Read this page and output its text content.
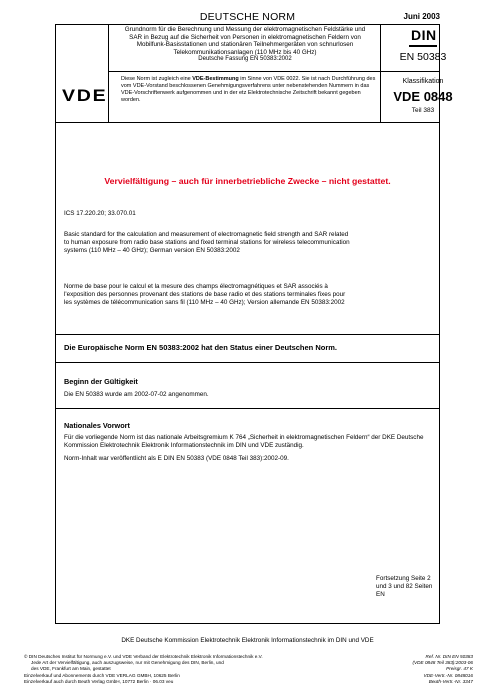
DEUTSCHE NORM	Juni 2003
Grundnorm für die Berechnung und Messung der elektromagnetischen Feldstärke und
SAR in Bezug auf die Sicherheit von Personen in elektromagnetischen Feldern von
Mobilfunk-Basisstationen und stationären Teilnehmergeräten von schnurlosen
Telekommunikationsanlagen (110 MHz bis 40 GHz)
Deutsche Fassung EN 50383:2002
DIN
EN 50383
VDE
Diese Norm ist zugleich eine VDE-Bestimmung im Sinne von VDE 0022. Sie ist nach Durchführung des vom VDE-Vorstand beschlossenen Genehmigungsverfahrens unter nebenstehenden Nummern in das VDE-Vorschriftenwerk aufgenommen und in der etz Elektrotechnische Zeitschrift bekannt gegeben worden.
Klassifikation
VDE 0848
Teil 383
Vervielfältigung – auch für innerbetriebliche Zwecke – nicht gestattet.
ICS 17.220.20; 33.070.01
Basic standard for the calculation and measurement of electromagnetic field strength and SAR related to human exposure from radio base stations and fixed terminal stations for wireless telecommunication systems (110 MHz – 40 GHz); German version EN 50383:2002
Norme de base pour le calcul et la mesure des champs électromagnétiques et SAR associés à l'exposition des personnes provenant des stations de base radio et des stations terminales fixes pour les systèmes de télécommunication sans fil (110 MHz – 40 GHz); Version allemande EN 50383:2002
Die Europäische Norm EN 50383:2002 hat den Status einer Deutschen Norm.
Beginn der Gültigkeit
Die EN 50383 wurde am 2002-07-02 angenommen.
Nationales Vorwort
Für die vorliegende Norm ist das nationale Arbeitsgremium K 764 „Sicherheit in elektromagnetischen Feldern“ der DKE Deutsche Kommission Elektrotechnik Elektronik Informationstechnik im DIN und VDE zuständig.
Norm-Inhalt war veröffentlicht als E DIN EN 50383 (VDE 0848 Teil 383):2002-09.
Fortsetzung Seite 2 und 3 und 82 Seiten EN
DKE Deutsche Kommission Elektrotechnik Elektronik Informationstechnik im DIN und VDE
© DIN Deutsches Institut für Normung e.V. und VDE Verband der Elektrotechnik Elektronik Informationstechnik e.V.
Jede Art der Vervielfältigung, auch auszugsweise, nur mit Genehmigung des DIN, Berlin, und
des VDE, Frankfurt am Main, gestattet
Einzelverkauf und Abonnements durch VDE VERLAG GMBH, 10625 Berlin
Einzelverkauf auch durch Beuth Verlag GmbH, 10772 Berlin · 06.03 veu
Ref. Nr. DIN EN 50383
(VDE 0848 Teil 383):2003-06
Preisgr. 47 K
VDE-Vertr.-Nr. 0848016
Beuth-Vertr.-Nr. 3347
